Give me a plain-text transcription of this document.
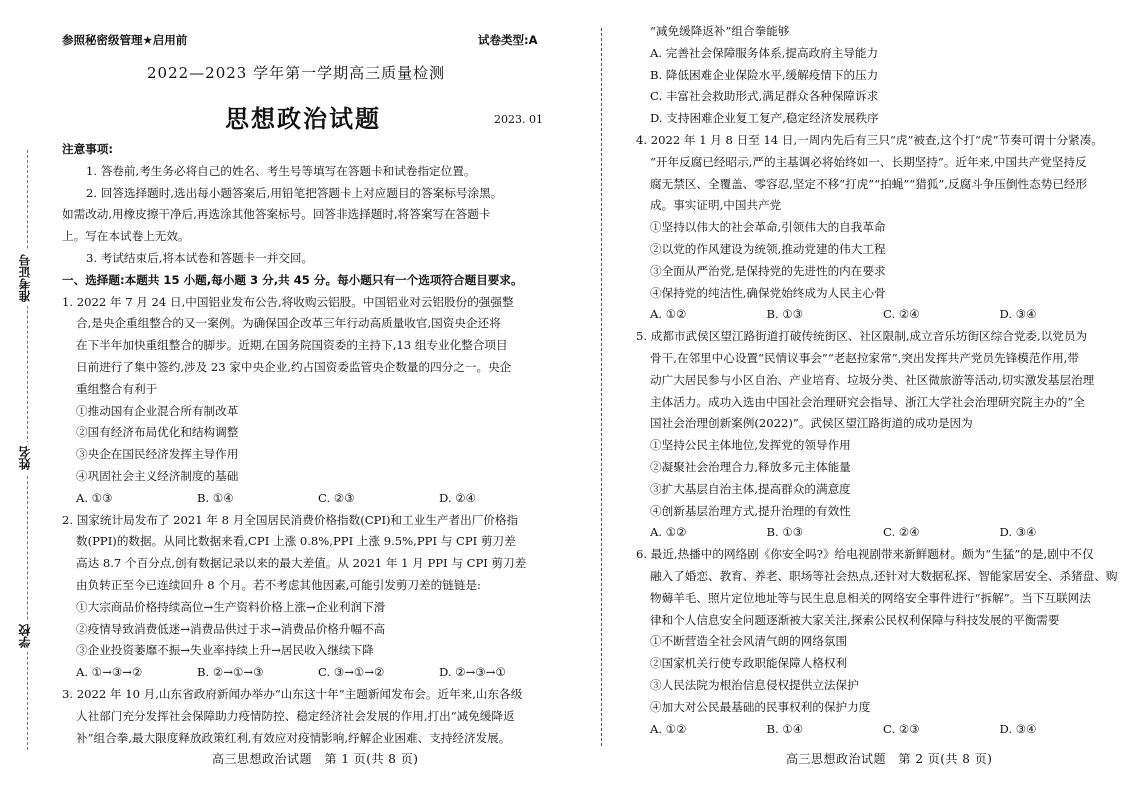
准考证号
姓名
学校
参照秘密级管理★启用前	试卷类型:A
2022—2023 学年第一学期高三质量检测
思想政治试题	2023. 01
注意事项:

1. 答卷前,考生务必将自己的姓名、考生号等填写在答题卡和试卷指定位置。

2. 回答选择题时,选出每小题答案后,用铅笔把答题卡上对应题目的答案标号涂黑。

如需改动,用橡皮擦干净后,再选涂其他答案标号。回答非选择题时,将答案写在答题卡

上。写在本试卷上无效。

3. 考试结束后,将本试卷和答题卡一并交回。

一、选择题:本题共 15 小题,每小题 3 分,共 45 分。每小题只有一个选项符合题目要求。

1. 2022 年 7 月 24 日,中国铝业发布公告,将收购云铝股。中国铝业对云铝股份的强强整

合,是央企重组整合的又一案例。为确保国企改革三年行动高质量收官,国资央企还将

在下半年加快重组整合的脚步。近期,在国务院国资委的主持下,13 组专业化整合项目

日前进行了集中签约,涉及 23 家中央企业,约占国资委监管央企数量的四分之一。央企

重组整合有利于

①推动国有企业混合所有制改革

②国有经济布局优化和结构调整

③央企在国民经济发挥主导作用

④巩固社会主义经济制度的基础

A. ①③	B. ①④	C. ②③	D. ②④

2. 国家统计局发布了 2021 年 8 月全国居民消费价格指数(CPI)和工业生产者出厂价格指

数(PPI)的数据。从同比数据来看,CPI 上涨 0.8%,PPI 上涨 9.5%,PPI 与 CPI 剪刀差

高达 8.7 个百分点,创有数据记录以来的最大差值。从 2021 年 1 月 PPI 与 CPI 剪刀差

由负转正至今已连续回升 8 个月。若不考虑其他因素,可能引发剪刀差的链链是:

①大宗商品价格持续高位→生产资料价格上涨→企业利润下滑

②疫情导致消费低迷→消费品供过于求→消费品价格升幅不高

③企业投资萎靡不振→失业率持续上升→居民收入继续下降

A. ①→③→②	B. ②→①→③	C. ③→①→②	D. ②→③→①

3. 2022 年 10 月,山东省政府新闻办举办“山东这十年”主题新闻发布会。近年来,山东各级

人社部门充分发挥社会保障助力疫情防控、稳定经济社会发展的作用,打出“减免缓降返

补”组合拳,最大限度释放政策红利,有效应对疫情影响,纾解企业困难、支持经济发展。

高三思想政治试题　第 1 页(共 8 页)

“减免缓降返补”组合拳能够

A. 完善社会保障服务体系,提高政府主导能力

B. 降低困难企业保险水平,缓解疫情下的压力

C. 丰富社会救助形式,满足群众各种保障诉求

D. 支持困难企业复工复产,稳定经济发展秩序

4. 2022 年 1 月 8 日至 14 日,一周内先后有三只“虎”被查,这个打“虎”节奏可谓十分紧凑。

“开年反腐已经昭示,严的主基调必将始终如一、长期坚持”。近年来,中国共产党坚持反

腐无禁区、全覆盖、零容忍,坚定不移“打虎”“拍蝇”“猎狐”,反腐斗争压倒性态势已经形

成。事实证明,中国共产党

①坚持以伟大的社会革命,引领伟大的自我革命

②以党的作风建设为统领,推动党建的伟大工程

③全面从严治党,是保持党的先进性的内在要求

④保持党的纯洁性,确保党始终成为人民主心骨

A. ①②	B. ①③	C. ②④	D. ③④

5. 成都市武侯区望江路街道打破传统街区、社区限制,成立音乐坊街区综合党委,以党员为

骨干,在邻里中心设置“民情议事会”“老赵拉家常”,突出发挥共产党员先锋模范作用,带

动广大居民参与小区自治、产业培育、垃圾分类、社区微旅游等活动,切实激发基层治理

主体活力。成功入选由中国社会治理研究会指导、浙江大学社会治理研究院主办的“全

国社会治理创新案例(2022)”。武侯区望江路街道的成功是因为

①坚持公民主体地位,发挥党的领导作用

②凝聚社会治理合力,释放多元主体能量

③扩大基层自治主体,提高群众的满意度

④创新基层治理方式,提升治理的有效性

A. ①②	B. ①③	C. ②④	D. ③④

6. 最近,热播中的网络剧《你安全吗?》给电视剧带来新鲜题材。颇为“生猛”的是,剧中不仅

融入了婚恋、教育、养老、职场等社会热点,还针对大数据私探、智能家居安全、杀猪盘、购

物薅羊毛、照片定位地址等与民生息息相关的网络安全事件进行“拆解”。当下互联网法

律和个人信息安全问题逐渐被大家关注,探索公民权利保障与科技发展的平衡需要

①不断营造全社会风清气朗的网络氛围

②国家机关行使专政职能保障人格权利

③人民法院为根治信息侵权提供立法保护

④加大对公民最基础的民事权利的保护力度

A. ①②	B. ①④	C. ②③	D. ③④
高三思想政治试题　第 2 页(共 8 页)
